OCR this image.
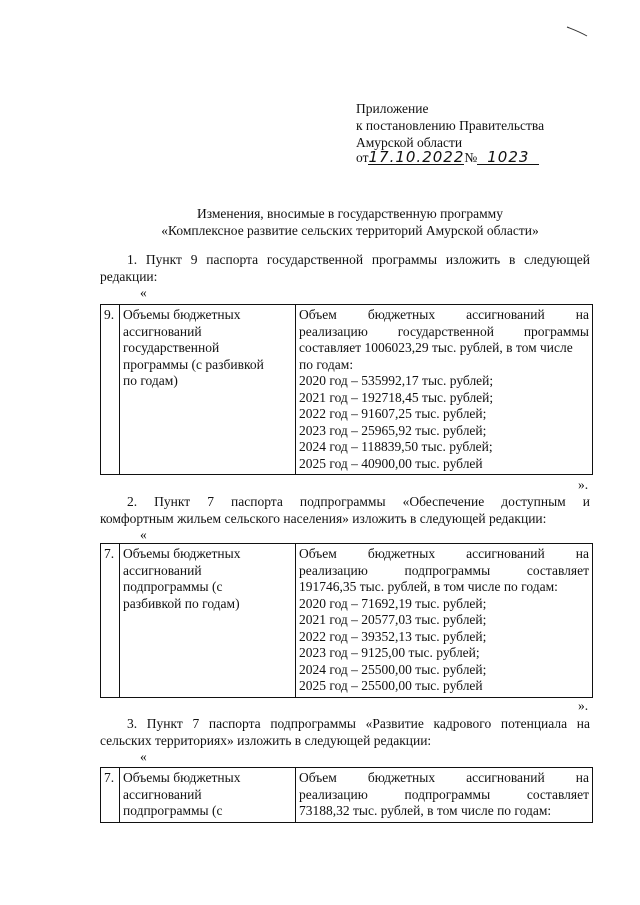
Приложение
к постановлению Правительства
Амурской области
от17.10.2022№ 1023
Изменения, вносимые в государственную программу
«Комплексное развитие сельских территорий Амурской области»
1. Пункт 9 паспорта государственной программы изложить в следующей
редакции:
«
9.	Объемы бюджетных
ассигнований
государственной
программы (с разбивкой
по годам)

Объем бюджетных ассигнований на
реализацию государственной программы
составляет 1006023,29 тыс. рублей, в том числе
по годам:
2020 год – 535992,17 тыс. рублей;
2021 год – 192718,45 тыс. рублей;
2022 год – 91607,25 тыс. рублей;
2023 год – 25965,92 тыс. рублей;
2024 год – 118839,50 тыс. рублей;
2025 год – 40900,00 тыс. рублей
».
2. Пункт 7 паспорта подпрограммы «Обеспечение доступным и
комфортным жильем сельского населения» изложить в следующей редакции:
«
7.	Объемы бюджетных
ассигнований
подпрограммы (с
разбивкой по годам)

Объем бюджетных ассигнований на
реализацию подпрограммы составляет
191746,35 тыс. рублей, в том числе по годам:
2020 год – 71692,19 тыс. рублей;
2021 год – 20577,03 тыс. рублей;
2022 год – 39352,13 тыс. рублей;
2023 год – 9125,00 тыс. рублей;
2024 год – 25500,00 тыс. рублей;
2025 год – 25500,00 тыс. рублей
».
3. Пункт 7 паспорта подпрограммы «Развитие кадрового потенциала на
сельских территориях» изложить в следующей редакции:
«
7.	Объемы бюджетных
ассигнований
подпрограммы (с

Объем бюджетных ассигнований на
реализацию подпрограммы составляет
73188,32 тыс. рублей, в том числе по годам:
